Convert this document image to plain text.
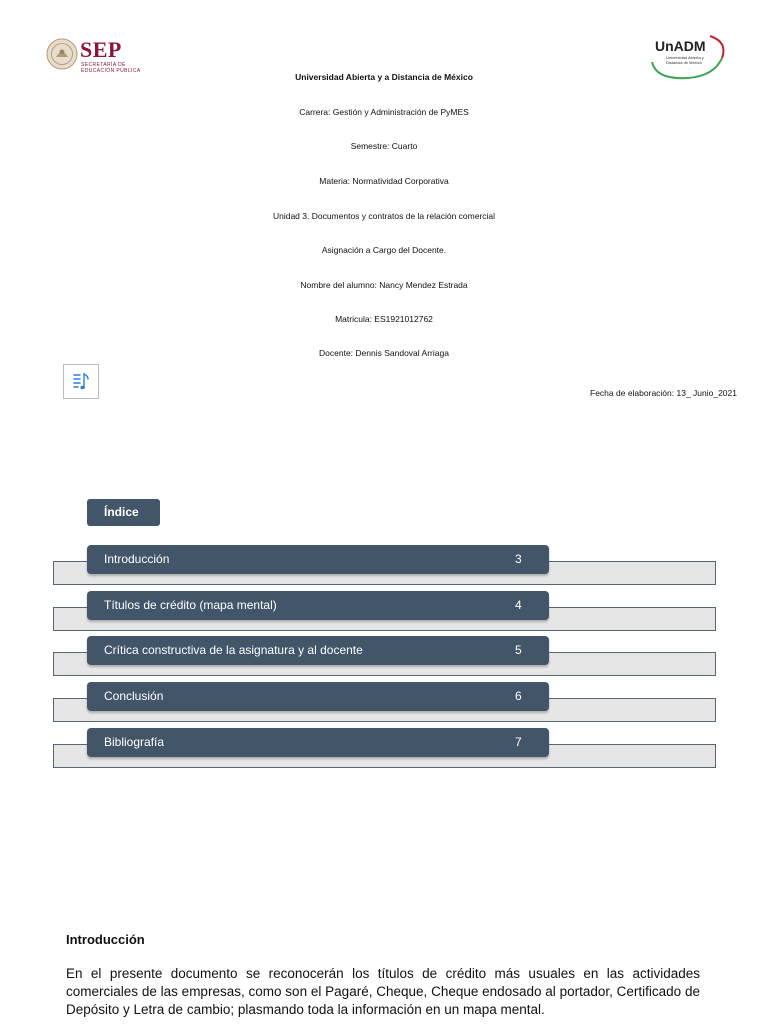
SEP
SECRETARÍA DE
EDUCACIÓN PÚBLICA
UnADM
Universidad Abierta y
Distancia de México
Universidad Abierta y a Distancia de México
Carrera: Gestión y Administración de PyMES
Semestre: Cuarto
Materia: Normatividad Corporativa
Unidad 3. Documentos y contratos de la relación comercial
Asignación a Cargo del Docente.
Nombre del alumno: Nancy Mendez Estrada
Matricula: ES1921012762
Docente: Dennis Sandoval Arriaga
Fecha de elaboración: 13_ Junio_2021
Índice
Introducción	3
Títulos de crédito (mapa mental)	4
Crítica constructiva de la asignatura y al docente	5
Conclusión	6
Bibliografía	7
Introducción
En el presente documento se reconocerán los títulos de crédito más usuales en las actividades comerciales de las empresas, como son el Pagaré, Cheque, Cheque endosado al portador, Certificado de Depósito y Letra de cambio; plasmando toda la información en un mapa mental.
